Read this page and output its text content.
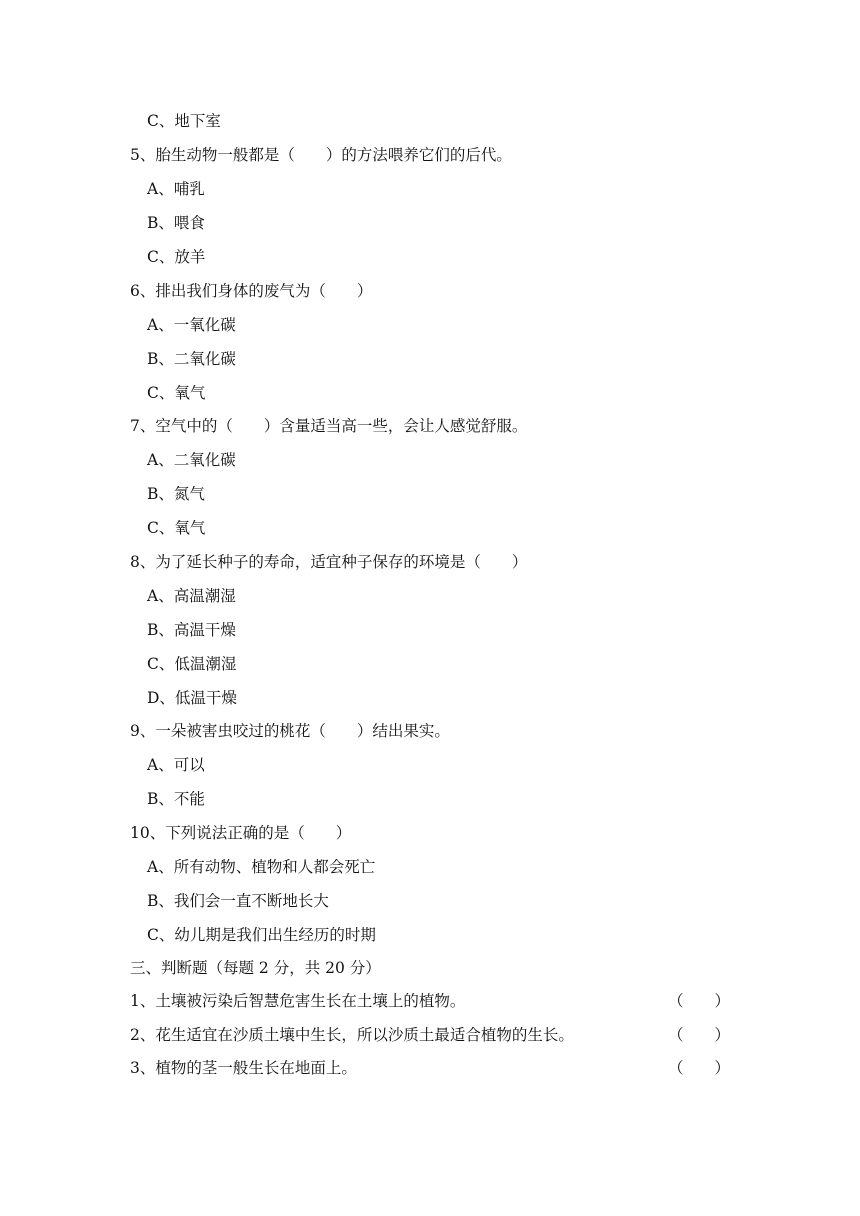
C、地下室
5、胎生动物一般都是（　　）的方法喂养它们的后代。
A、哺乳
B、喂食
C、放羊
6、排出我们身体的废气为（　　）
A、一氧化碳
B、二氧化碳
C、氧气
7、空气中的（　　）含量适当高一些，会让人感觉舒服。
A、二氧化碳
B、氮气
C、氧气
8、为了延长种子的寿命，适宜种子保存的环境是（　　）
A、高温潮湿
B、高温干燥
C、低温潮湿
D、低温干燥
9、一朵被害虫咬过的桃花（　　）结出果实。
A、可以
B、不能
10、下列说法正确的是（　　）
A、所有动物、植物和人都会死亡
B、我们会一直不断地长大
C、幼儿期是我们出生经历的时期
三、判断题（每题 2 分，共 20 分）
1、土壤被污染后智慧危害生长在土壤上的植物。	（ ）
2、花生适宜在沙质土壤中生长，所以沙质土最适合植物的生长。	（ ）
3、植物的茎一般生长在地面上。	（ ）
